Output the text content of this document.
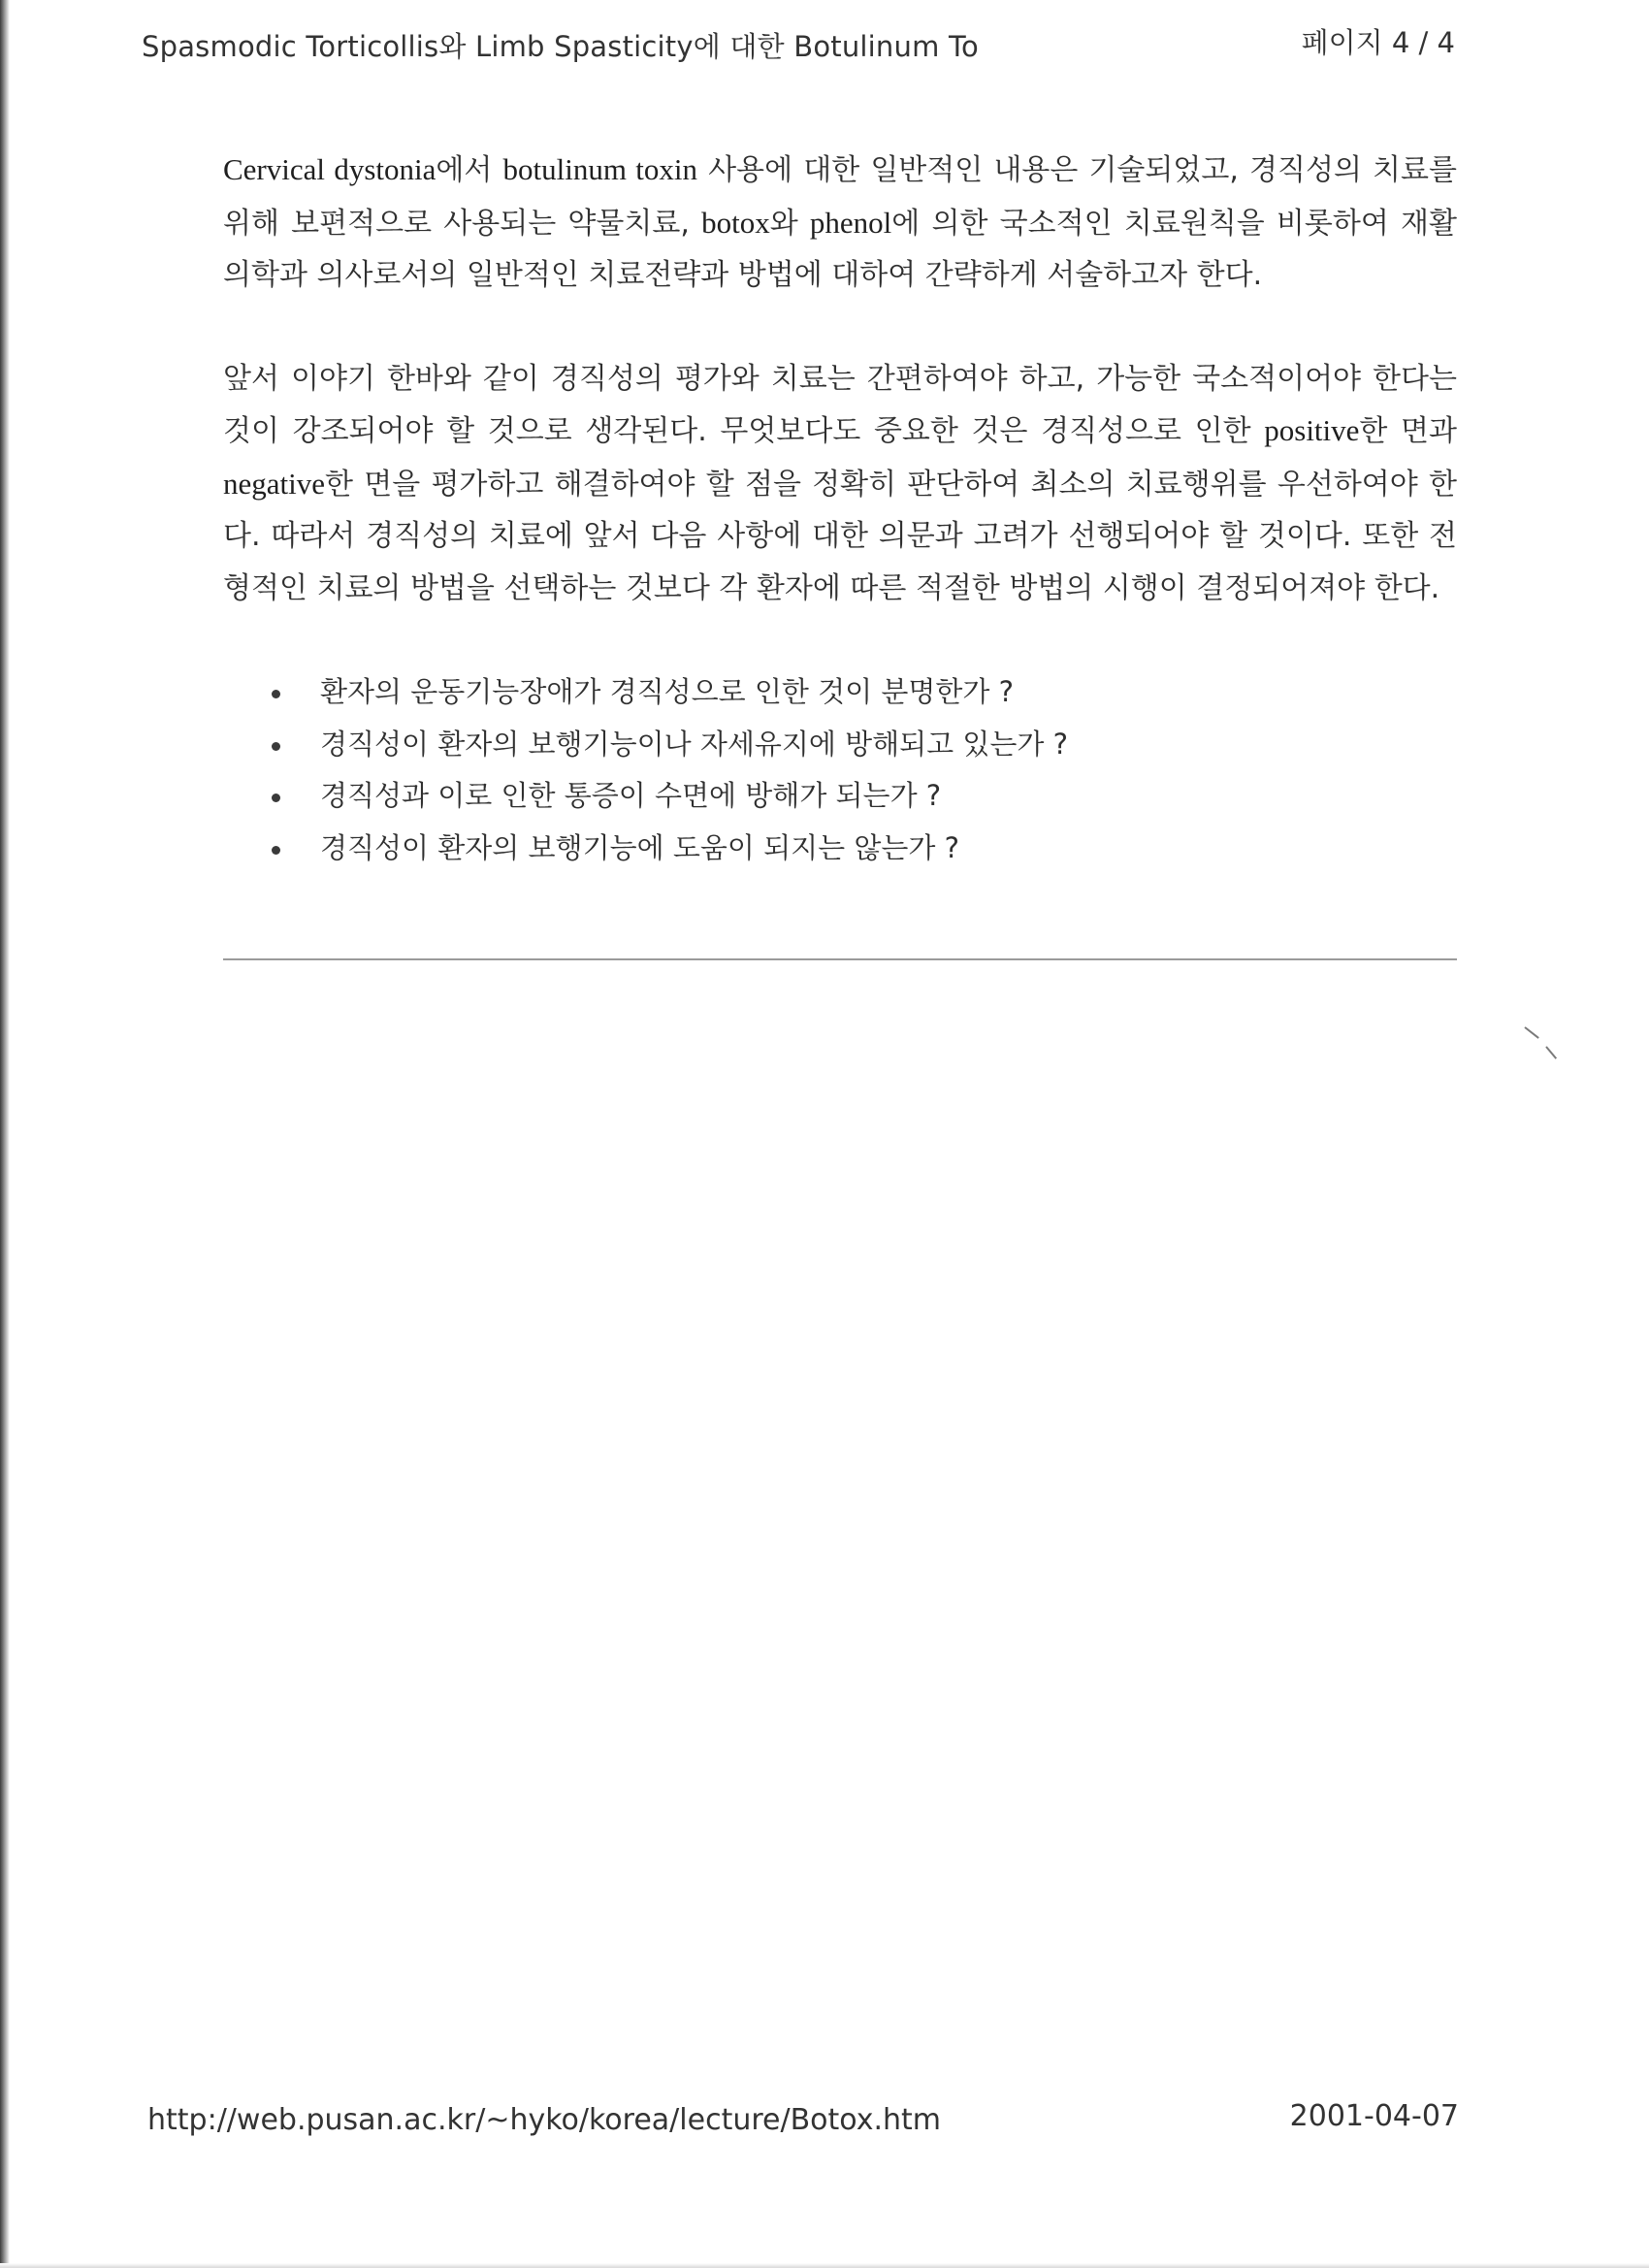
Spasmodic Torticollis와 Limb Spasticity에 대한 Botulinum To	페이지 4 / 4

Cervical dystonia에서 botulinum toxin 사용에 대한 일반적인 내용은 기술되었고, 경직성의 치료를 위해 보편적으로 사용되는 약물치료, botox와 phenol에 의한 국소적인 치료원칙을 비롯하여 재활의학과 의사로서의 일반적인 치료전략과 방법에 대하여 간략하게 서술하고자 한다.

앞서 이야기 한바와 같이 경직성의 평가와 치료는 간편하여야 하고, 가능한 국소적이어야 한다는 것이 강조되어야 할 것으로 생각된다. 무엇보다도 중요한 것은 경직성으로 인한 positive한 면과 negative한 면을 평가하고 해결하여야 할 점을 정확히 판단하여 최소의 치료행위를 우선하여야 한다. 따라서 경직성의 치료에 앞서 다음 사항에 대한 의문과 고려가 선행되어야 할 것이다. 또한 전형적인 치료의 방법을 선택하는 것보다 각 환자에 따른 적절한 방법의 시행이 결정되어져야 한다.

환자의 운동기능장애가 경직성으로 인한 것이 분명한가 ?
경직성이 환자의 보행기능이나 자세유지에 방해되고 있는가 ?
경직성과 이로 인한 통증이 수면에 방해가 되는가 ?
경직성이 환자의 보행기능에 도움이 되지는 않는가 ?
http://web.pusan.ac.kr/~hyko/korea/lecture/Botox.htm	2001-04-07
